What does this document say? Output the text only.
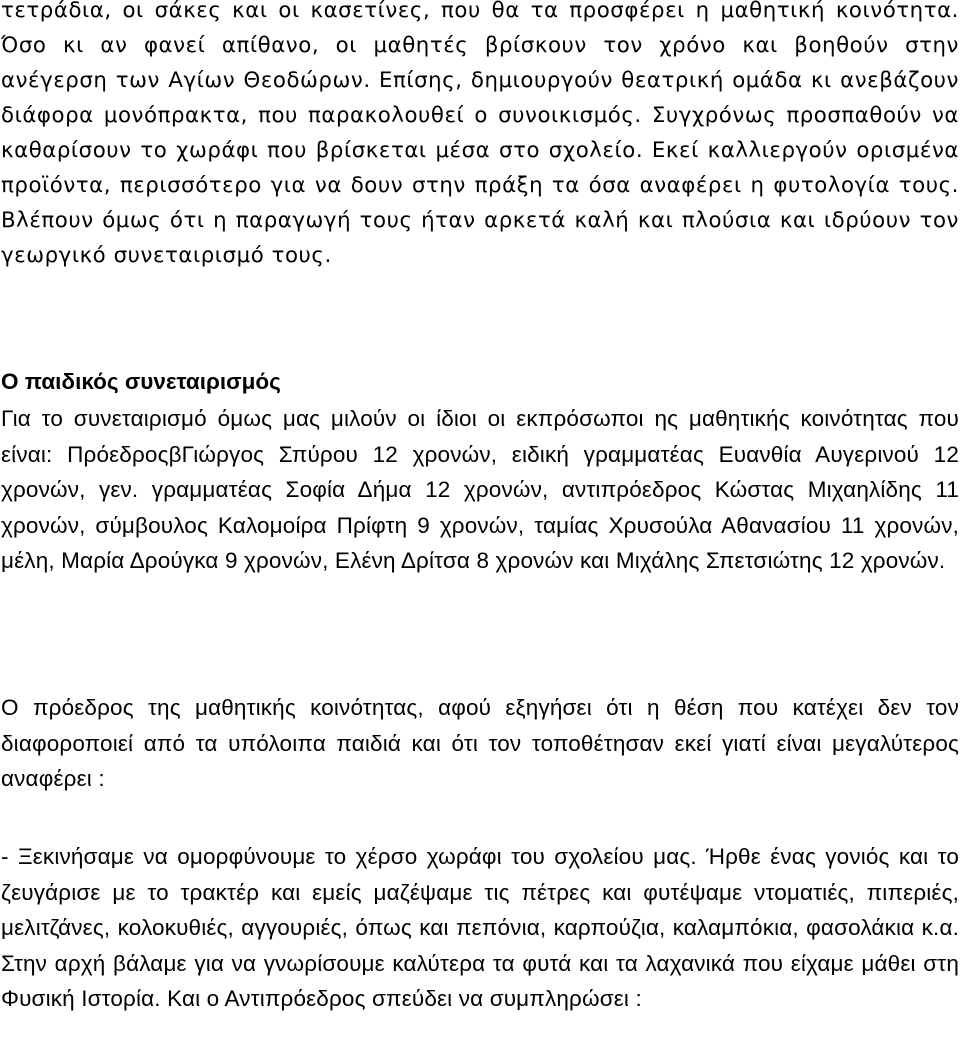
τετράδια, οι σάκες και οι κασετίνες, που θα τα προσφέρει η μαθητική κοινότητα. Όσο κι αν φανεί απίθανο, οι μαθητές βρίσκουν τον χρόνο και βοηθούν στην ανέγερση των Αγίων Θεοδώρων. Επίσης, δημιουργούν θεατρική ομάδα κι ανεβάζουν διάφορα μονόπρακτα, που παρακολουθεί ο συνοικισμός. Συγχρόνως προσπαθούν να καθαρίσουν το χωράφι που βρίσκεται μέσα στο σχολείο. Εκεί καλλιεργούν ορισμένα προϊόντα, περισσότερο για να δουν στην πράξη τα όσα αναφέρει η φυτολογία τους. Βλέπουν όμως ότι η παραγωγή τους ήταν αρκετά καλή και πλούσια και ιδρύουν τον γεωργικό συνεταιρισμό τους.

Ο παιδικός συνεταιρισμός

Για το συνεταιρισμό όμως μας μιλούν οι ίδιοι οι εκπρόσωποι ης μαθητικής κοινότητας που είναι: ΠρόεδροςβΓιώργος Σπύρου 12 χρονών, ειδική γραμματέας Ευανθία Αυγερινού 12 χρονών, γεν. γραμματέας Σοφία Δήμα 12 χρονών, αντιπρόεδρος Κώστας Μιχαηλίδης 11 χρονών, σύμβουλος Καλομοίρα Πρίφτη 9 χρονών, ταμίας Χρυσούλα Αθανασίου 11 χρονών, μέλη, Μαρία Δρούγκα 9 χρονών, Ελένη Δρίτσα 8 χρονών και Μιχάλης Σπετσιώτης 12 χρονών.

Ο πρόεδρος της μαθητικής κοινότητας, αφού εξηγήσει ότι η θέση που κατέχει δεν τον διαφοροποιεί από τα υπόλοιπα παιδιά και ότι τον τοποθέτησαν εκεί γιατί είναι μεγαλύτερος αναφέρει :

- Ξεκινήσαμε να ομορφύνουμε το χέρσο χωράφι του σχολείου μας. Ήρθε ένας γονιός και το ζευγάρισε με το τρακτέρ και εμείς μαζέψαμε τις πέτρες και φυτέψαμε ντοματιές, πιπεριές, μελιτζάνες, κολοκυθιές, αγγουριές, όπως και πεπόνια, καρπούζια, καλαμπόκια, φασολάκια κ.α. Στην αρχή βάλαμε για να γνωρίσουμε καλύτερα τα φυτά και τα λαχανικά που είχαμε μάθει στη Φυσική Ιστορία. Και ο Αντιπρόεδρος σπεύδει να συμπληρώσει :
